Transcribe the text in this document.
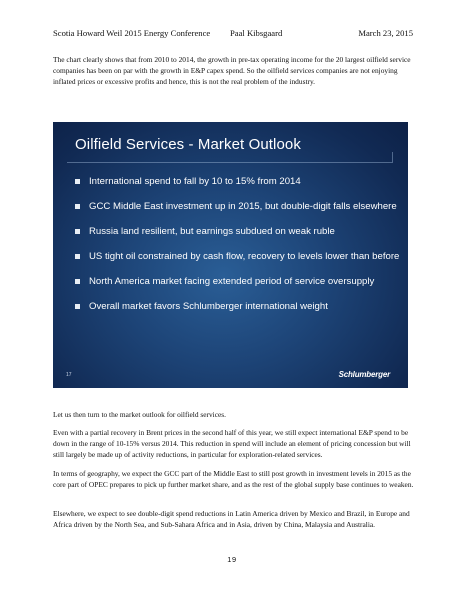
Scotia Howard Weil 2015 Energy Conference Paal Kibsgaard	March 23, 2015

The chart clearly shows that from 2010 to 2014, the growth in pre-tax operating income for the 20 largest oilfield service companies has been on par with the growth in E&P capex spend. So the oilfield services companies are not enjoying inflated prices or excessive profits and hence, this is not the real problem of the industry.

Oilfield Services - Market Outlook
International spend to fall by 10 to 15% from 2014
GCC Middle East investment up in 2015, but double-digit falls elsewhere
Russia land resilient, but earnings subdued on weak ruble
US tight oil constrained by cash flow, recovery to levels lower than before
North America market facing extended period of service oversupply
Overall market favors Schlumberger international weight
17	Schlumberger

Let us then turn to the market outlook for oilfield services.

Even with a partial recovery in Brent prices in the second half of this year, we still expect international E&P spend to be down in the range of 10-15% versus 2014. This reduction in spend will include an element of pricing concession but will still largely be made up of activity reductions, in particular for exploration-related services.

In terms of geography, we expect the GCC part of the Middle East to still post growth in investment levels in 2015 as the core part of OPEC prepares to pick up further market share, and as the rest of the global supply base continues to weaken.

Elsewhere, we expect to see double-digit spend reductions in Latin America driven by Mexico and Brazil, in Europe and Africa driven by the North Sea, and Sub-Sahara Africa and in Asia, driven by China, Malaysia and Australia.

19
